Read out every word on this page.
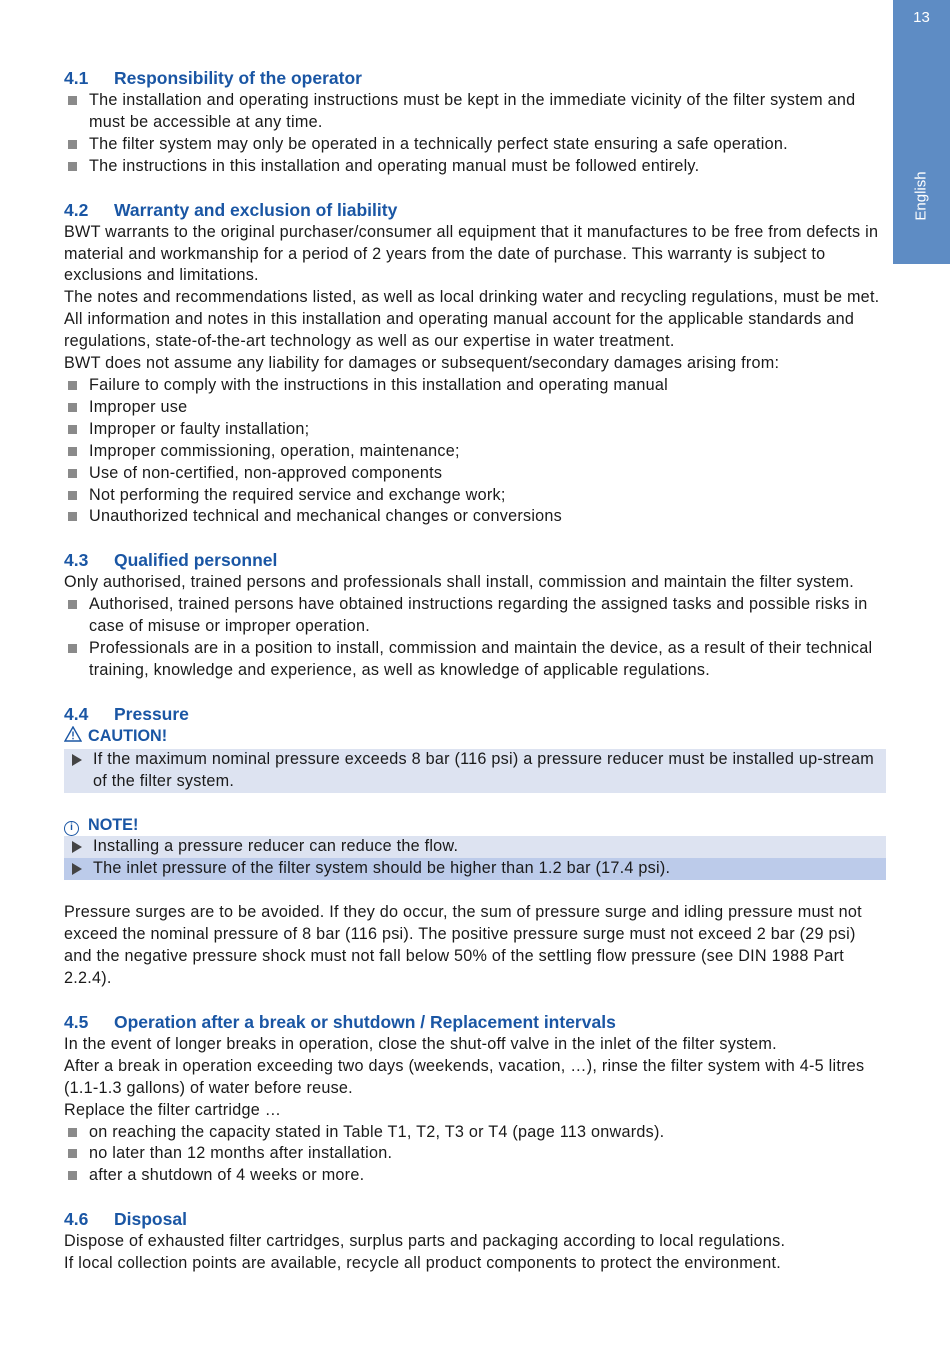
13
English
4.1 Responsibility of the operator
The installation and operating instructions must be kept in the immediate vicinity of the filter system and must be accessible at any time.
The filter system may only be operated in a technically perfect state ensuring a safe operation.
The instructions in this installation and operating manual must be followed entirely.
4.2 Warranty and exclusion of liability

BWT warrants to the original purchaser/consumer all equipment that it manufactures to be free from defects in material and workmanship for a period of 2 years from the date of purchase. This warranty is subject to exclusions and limitations.

The notes and recommendations listed, as well as local drinking water and recycling regulations, must be met. All information and notes in this installation and operating manual account for the applicable standards and regulations, state-of-the-art technology as well as our expertise in water treatment.

BWT does not assume any liability for damages or subsequent/secondary damages arising from:

Failure to comply with the instructions in this installation and operating manual
Improper use
Improper or faulty installation;
Improper commissioning, operation, maintenance;
Use of non-certified, non-approved components
Not performing the required service and exchange work;
Unauthorized technical and mechanical changes or conversions
4.3 Qualified personnel

Only authorised, trained persons and professionals shall install, commission and maintain the filter system.

Authorised, trained persons have obtained instructions regarding the assigned tasks and possible risks in case of misuse or improper operation.
Professionals are in a position to install, commission and maintain the device, as a result of their technical training, knowledge and experience, as well as knowledge of applicable regulations.
4.4 Pressure
CAUTION!
If the maximum nominal pressure exceeds 8 bar (116 psi) a pressure reducer must be installed up-stream of the filter system.
i NOTE!
Installing a pressure reducer can reduce the flow.
The inlet pressure of the filter system should be higher than 1.2 bar (17.4 psi).

Pressure surges are to be avoided. If they do occur, the sum of pressure surge and idling pressure must not exceed the nominal pressure of 8 bar (116 psi). The positive pressure surge must not exceed 2 bar (29 psi) and the negative pressure shock must not fall below 50% of the settling flow pressure (see DIN 1988 Part 2.2.4).

4.5 Operation after a break or shutdown / Replacement intervals

In the event of longer breaks in operation, close the shut-off valve in the inlet of the filter system.

After a break in operation exceeding two days (weekends, vacation, …), rinse the filter system with 4-5 litres (1.1-1.3 gallons) of water before reuse.

Replace the filter cartridge …

on reaching the capacity stated in Table T1, T2, T3 or T4 (page 113 onwards).
no later than 12 months after installation.
after a shutdown of 4 weeks or more.
4.6 Disposal

Dispose of exhausted filter cartridges, surplus parts and packaging according to local regulations.

If local collection points are available, recycle all product components to protect the environment.
